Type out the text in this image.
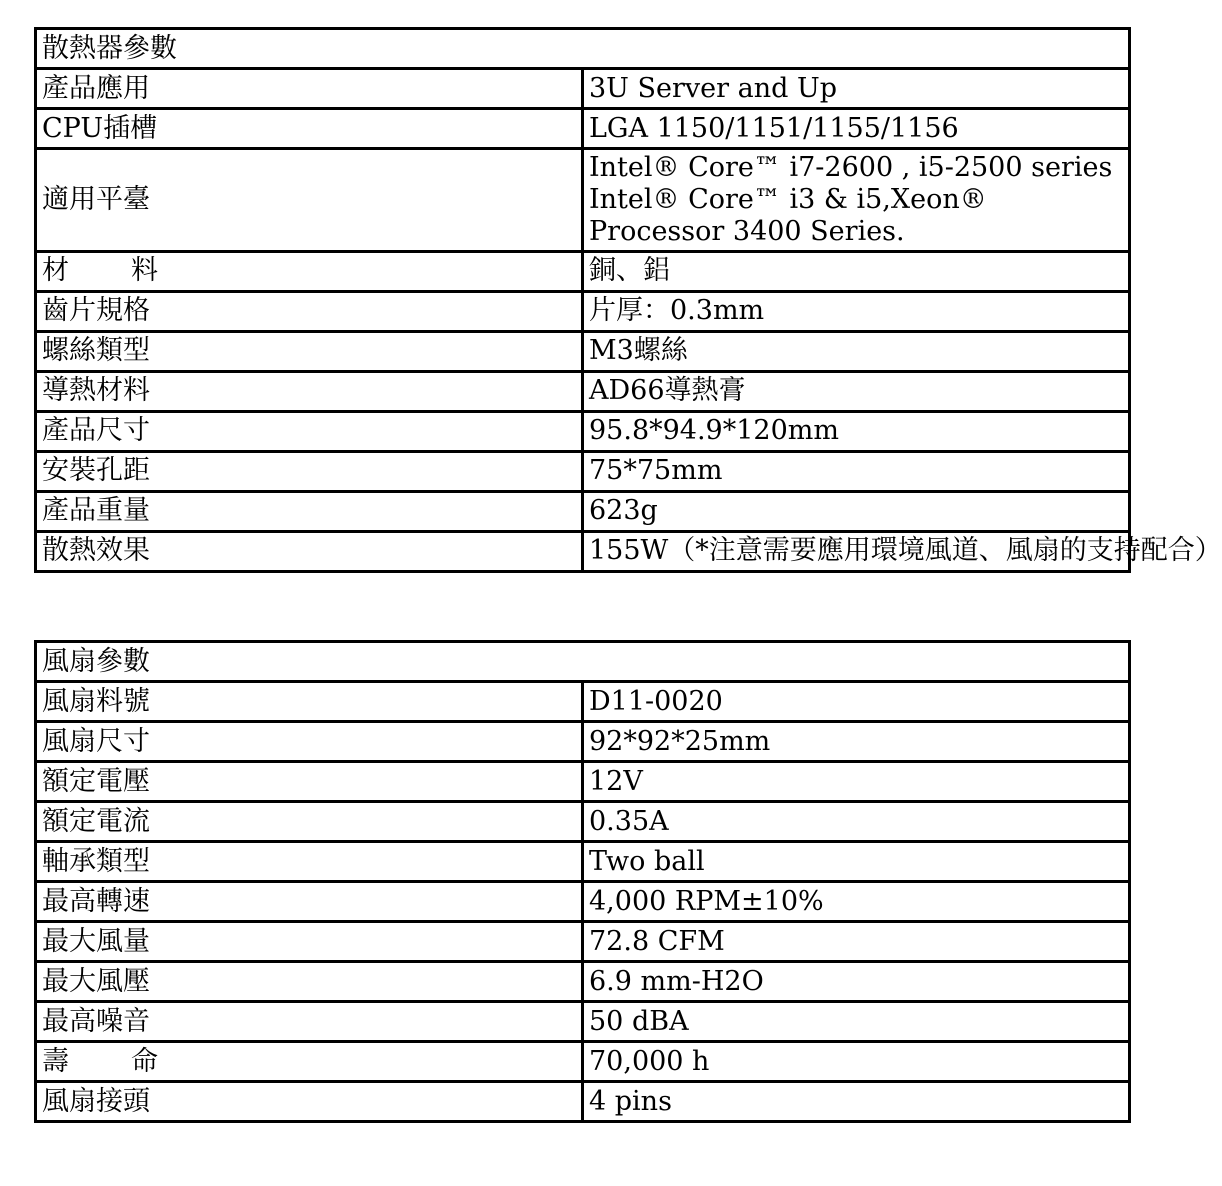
散熱器參數	
產品應用	3U Server and Up
CPU插槽	LGA 1150/1151/1155/1156
適用平臺	Intel® Core™ i7-2600 , i5-2500 series Intel® Core™ i3 & i5,Xeon® Processor 3400 Series.

材 料	銅、鋁
齒片規格	片厚：0.3mm
螺絲類型	M3螺絲
導熱材料	AD66導熱膏
產品尺寸	95.8*94.9*120mm
安裝孔距	75*75mm
產品重量	623g
散熱效果	155W（*注意需要應用環境風道、風扇的支持配合）
風扇參數	
風扇料號	D11-0020
風扇尺寸	92*92*25mm
額定電壓	12V
額定電流	0.35A
軸承類型	Two ball
最高轉速	4,000 RPM±10%
最大風量	72.8 CFM
最大風壓	6.9 mm-H2O
最高噪音	50 dBA

壽 命	70,000 h
風扇接頭	4 pins
